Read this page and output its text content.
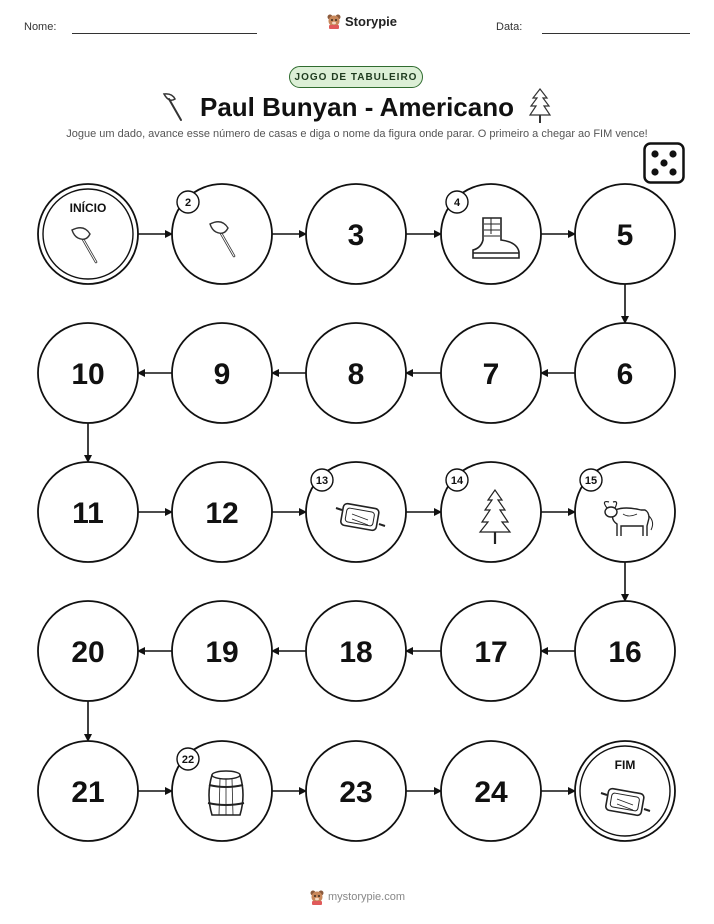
Nome:	Storypie	Data:
JOGO DE TABULEIRO
Paul Bunyan - Americano
Jogue um dado, avance esse número de casas e diga o nome da figura onde parar. O primeiro a chegar ao FIM vence!
INÍCIO	2
3
4
5
6
7
8
9
10
11	12
13	14	15
16
17
18
19
20
21
22
23	24
FIM
mystorypie.com
